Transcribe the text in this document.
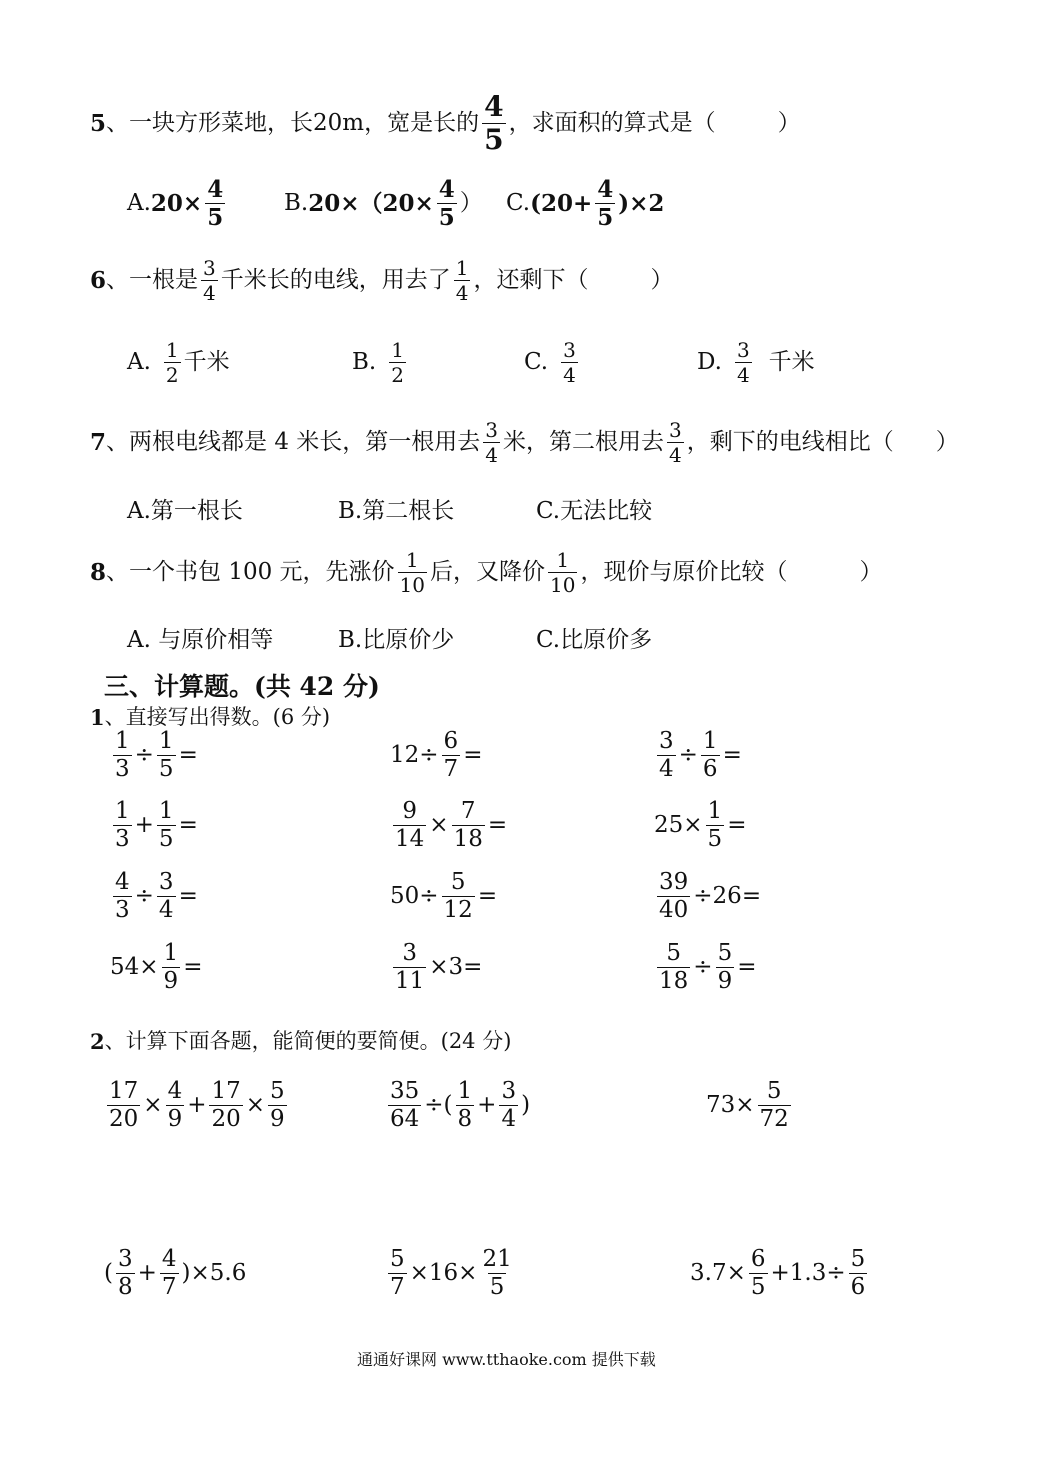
5 、 一块方形菜地，长 20m，宽是长的 $\frac{4}{5}$ ，求面积的算式是（	）
A. $20\times \frac{4}{5}$	B. $20\times(20\times \frac{4}{5}$ ） C. $(20+ \frac{4}{5} )\times 2$
6 、 一根是 $\frac{3}{4}$ 千米长的电线，用去了 $\frac{1}{4}$ ，还剩下（	）
A. $\frac{1}{2}$ 千米	B. $\frac{1}{2}$	C. $\frac{3}{4}$	D. $\frac{3}{4}$ 千米
7 、两根电线都是 4 米长，第一根用去 $\frac{3}{4}$ 米，第二根用去 $\frac{3}{4}$ ，剩下的电线相比（ ）
A.第一根长	B.第二根长	C.无法比较
8 、 一个书包 100 元，先涨价 $\frac{1}{10}$ 后，又降价 $\frac{1}{10}$ ，现价与原价比较（	）
A. 与原价相等	B.比原价少	C.比原价多
三、计算题。(共 42 分)
1 、直接写出得数。(6 分)
$\frac{1}{3} \div \frac{1}{5}$ =	$12\div \frac{6}{7}$ =	$\frac{3}{4} \div \frac{1}{6}$ =
$\frac{1}{3} + \frac{1}{5}$ =	$\frac{9}{14} \times \frac{7}{18}$ =	$25\times \frac{1}{5}$ =
$\frac{4}{3} \div \frac{3}{4}$ =	$50\div \frac{5}{12}$ =	$\frac{39}{40} \div 26=$
$54\times \frac{1}{9}$ =	$\frac{3}{11} \times 3=$	$\frac{5}{18} \div \frac{5}{9}$ =
2 、计算下面各题，能简便的要简便。(24 分)
$\frac{17}{20} \times \frac{4}{9} + \frac{17}{20} \times \frac{5}{9}$	$\frac{35}{64}$ ÷( $\frac{1}{8} + \frac{3}{4}$ )	$73\times \frac{5}{72}$
( $\frac{3}{8} + \frac{4}{7} )\times 5.6$	$\frac{5}{7} \times 16\times \frac{21}{5}$	$3.7\times \frac{6}{5} +1.3\div \frac{5}{6}$
通通好课网 www.tthaoke.com 提供下载
